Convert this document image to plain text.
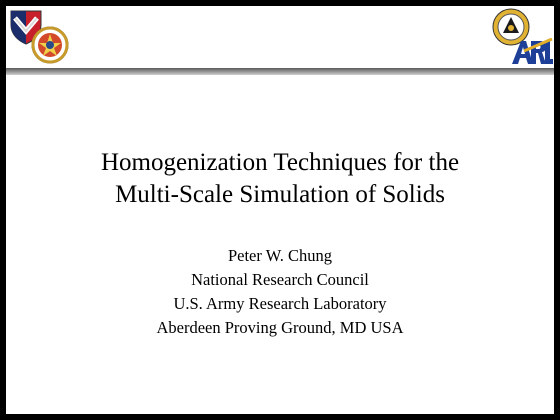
Homogenization Techniques for the
Multi-Scale Simulation of Solids
Peter W. Chung
National Research Council
U.S. Army Research Laboratory
Aberdeen Proving Ground, MD USA
